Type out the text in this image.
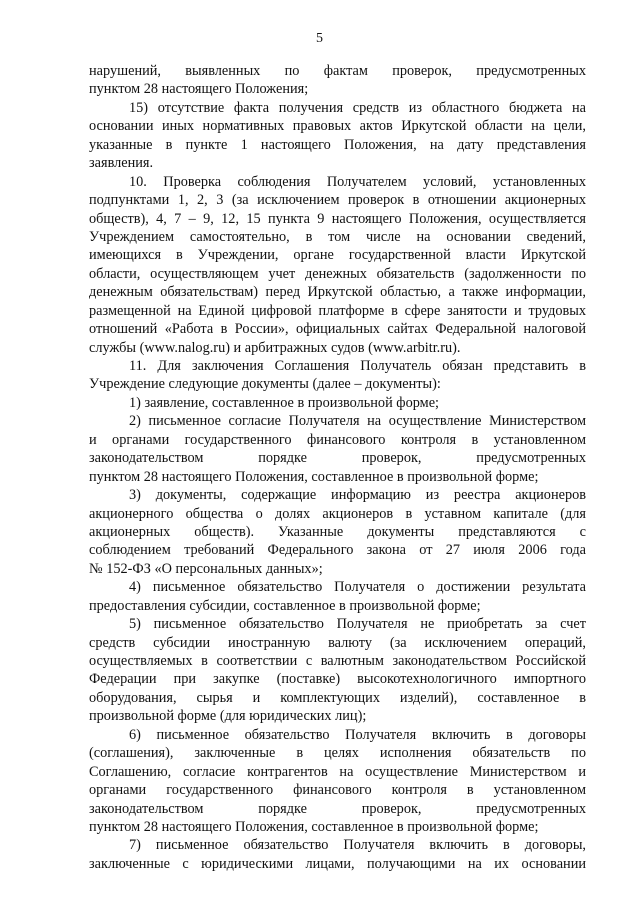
5
нарушений, выявленных по фактам проверок, предусмотренных
пунктом 28 настоящего Положения;
15) отсутствие факта получения средств из областного бюджета на
основании иных нормативных правовых актов Иркутской области на цели,
указанные в пункте 1 настоящего Положения, на дату представления
заявления.
10. Проверка соблюдения Получателем условий, установленных
подпунктами 1, 2, 3 (за исключением проверок в отношении акционерных
обществ), 4, 7 – 9, 12, 15 пункта 9 настоящего Положения, осуществляется
Учреждением самостоятельно, в том числе на основании сведений,
имеющихся в Учреждении, органе государственной власти Иркутской
области, осуществляющем учет денежных обязательств (задолженности по
денежным обязательствам) перед Иркутской областью, а также информации,
размещенной на Единой цифровой платформе в сфере занятости и трудовых
отношений «Работа в России», официальных сайтах Федеральной налоговой
службы (www.nalog.ru) и арбитражных судов (www.arbitr.ru).
11. Для заключения Соглашения Получатель обязан представить в
Учреждение следующие документы (далее – документы):
1) заявление, составленное в произвольной форме;
2) письменное согласие Получателя на осуществление Министерством
и органами государственного финансового контроля в установленном
законодательством порядке проверок, предусмотренных
пунктом 28 настоящего Положения, составленное в произвольной форме;
3) документы, содержащие информацию из реестра акционеров
акционерного общества о долях акционеров в уставном капитале (для
акционерных обществ). Указанные документы представляются с
соблюдением требований Федерального закона от 27 июля 2006 года
№ 152-ФЗ «О персональных данных»;
4) письменное обязательство Получателя о достижении результата
предоставления субсидии, составленное в произвольной форме;
5) письменное обязательство Получателя не приобретать за счет
средств субсидии иностранную валюту (за исключением операций,
осуществляемых в соответствии с валютным законодательством Российской
Федерации при закупке (поставке) высокотехнологичного импортного
оборудования, сырья и комплектующих изделий), составленное в
произвольной форме (для юридических лиц);
6) письменное обязательство Получателя включить в договоры
(соглашения), заключенные в целях исполнения обязательств по
Соглашению, согласие контрагентов на осуществление Министерством и
органами государственного финансового контроля в установленном
законодательством порядке проверок, предусмотренных
пунктом 28 настоящего Положения, составленное в произвольной форме;
7) письменное обязательство Получателя включить в договоры,
заключенные с юридическими лицами, получающими на их основании
